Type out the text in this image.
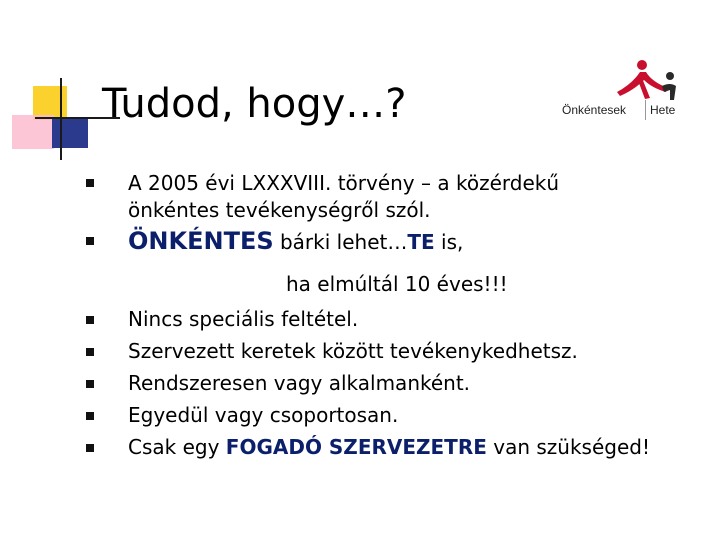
Tudod, hogy…?	Önkéntesek Hete
A 2005 évi LXXXVIII. törvény – a közérdekű
önkéntes tevékenységről szól.
ÖNKÉNTES bárki lehet…TE is,
ha elmúltál 10 éves!!!
Nincs speciális feltétel.
Szervezett keretek között tevékenykedhetsz.
Rendszeresen vagy alkalmanként.
Egyedül vagy csoportosan.
Csak egy FOGADÓ SZERVEZETRE van szükséged!
